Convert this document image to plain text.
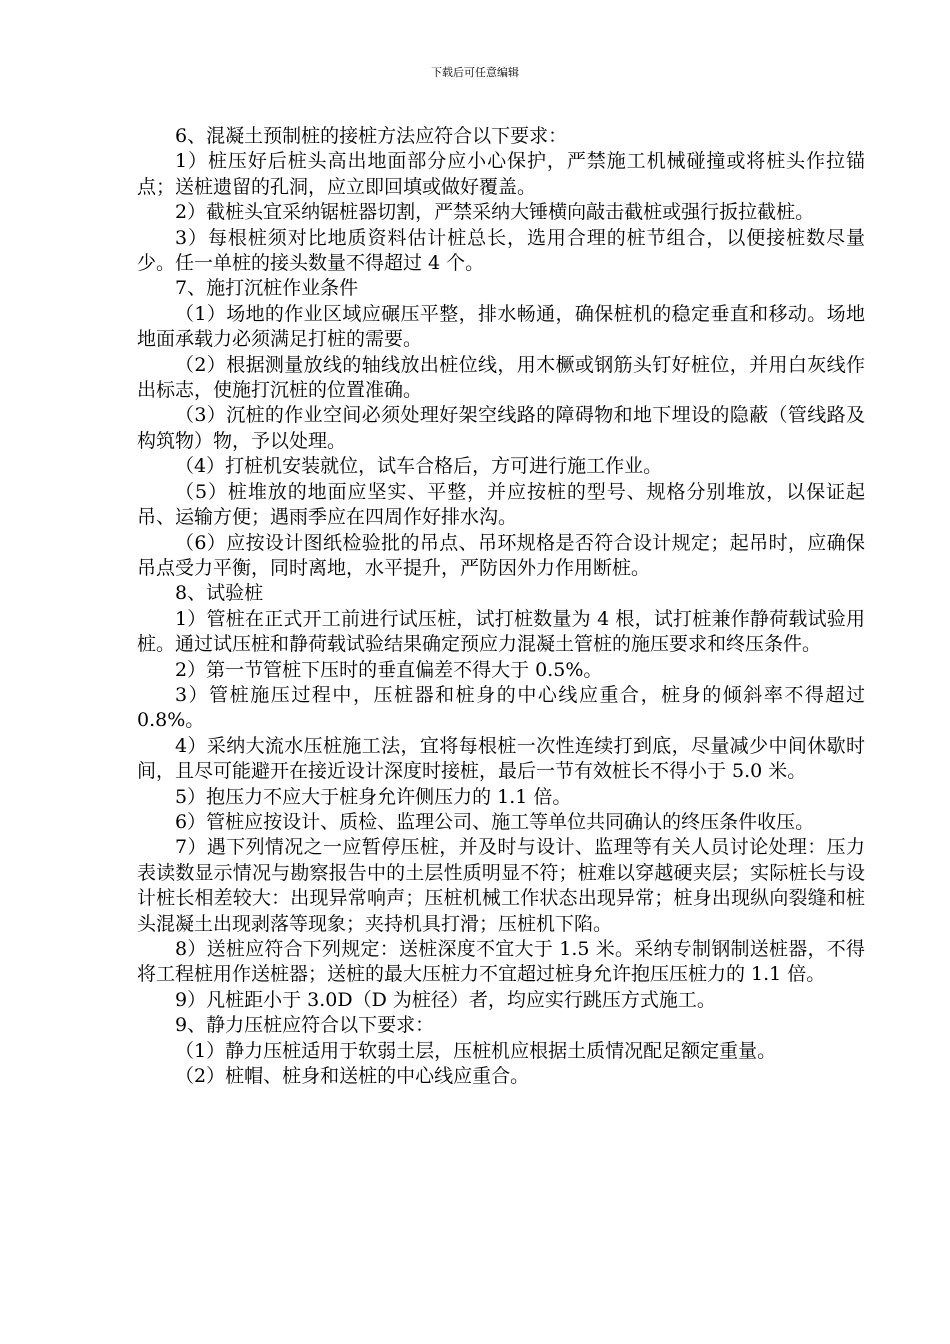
下载后可任意编辑

6、混凝土预制桩的接桩方法应符合以下要求：

1）桩压好后桩头高出地面部分应小心保护，严禁施工机械碰撞或将桩头作拉锚点；送桩遗留的孔洞，应立即回填或做好覆盖。

2）截桩头宜采纳锯桩器切割，严禁采纳大锤横向敲击截桩或强行扳拉截桩。

3）每根桩须对比地质资料估计桩总长，选用合理的桩节组合，以便接桩数尽量少。任一单桩的接头数量不得超过 4 个。

7、施打沉桩作业条件

（1）场地的作业区域应碾压平整，排水畅通，确保桩机的稳定垂直和移动。场地地面承载力必须满足打桩的需要。

（2）根据测量放线的轴线放出桩位线，用木橛或钢筋头钉好桩位，并用白灰线作出标志，使施打沉桩的位置准确。

（3）沉桩的作业空间必须处理好架空线路的障碍物和地下埋设的隐蔽（管线路及构筑物）物，予以处理。

（4）打桩机安装就位，试车合格后，方可进行施工作业。

（5）桩堆放的地面应坚实、平整，并应按桩的型号、规格分别堆放，以保证起吊、运输方便；遇雨季应在四周作好排水沟。

（6）应按设计图纸检验批的吊点、吊环规格是否符合设计规定；起吊时，应确保吊点受力平衡，同时离地，水平提升，严防因外力作用断桩。

8、试验桩

1）管桩在正式开工前进行试压桩，试打桩数量为 4 根，试打桩兼作静荷载试验用桩。通过试压桩和静荷载试验结果确定预应力混凝土管桩的施压要求和终压条件。

2）第一节管桩下压时的垂直偏差不得大于 0.5%。

3）管桩施压过程中，压桩器和桩身的中心线应重合，桩身的倾斜率不得超过 0.8%。

4）采纳大流水压桩施工法，宜将每根桩一次性连续打到底，尽量减少中间休歇时间，且尽可能避开在接近设计深度时接桩，最后一节有效桩长不得小于 5.0 米。

5）抱压力不应大于桩身允许侧压力的 1.1 倍。

6）管桩应按设计、质检、监理公司、施工等单位共同确认的终压条件收压。

7）遇下列情况之一应暂停压桩，并及时与设计、监理等有关人员讨论处理：压力表读数显示情况与勘察报告中的土层性质明显不符；桩难以穿越硬夹层；实际桩长与设计桩长相差较大：出现异常响声；压桩机械工作状态出现异常；桩身出现纵向裂缝和桩头混凝土出现剥落等现象；夹持机具打滑；压桩机下陷。

8）送桩应符合下列规定：送桩深度不宜大于 1.5 米。采纳专制钢制送桩器，不得将工程桩用作送桩器；送桩的最大压桩力不宜超过桩身允许抱压压桩力的 1.1 倍。

9）凡桩距小于 3.0D（D 为桩径）者，均应实行跳压方式施工。

9、静力压桩应符合以下要求：

（1）静力压桩适用于软弱土层，压桩机应根据土质情况配足额定重量。

（2）桩帽、桩身和送桩的中心线应重合。
